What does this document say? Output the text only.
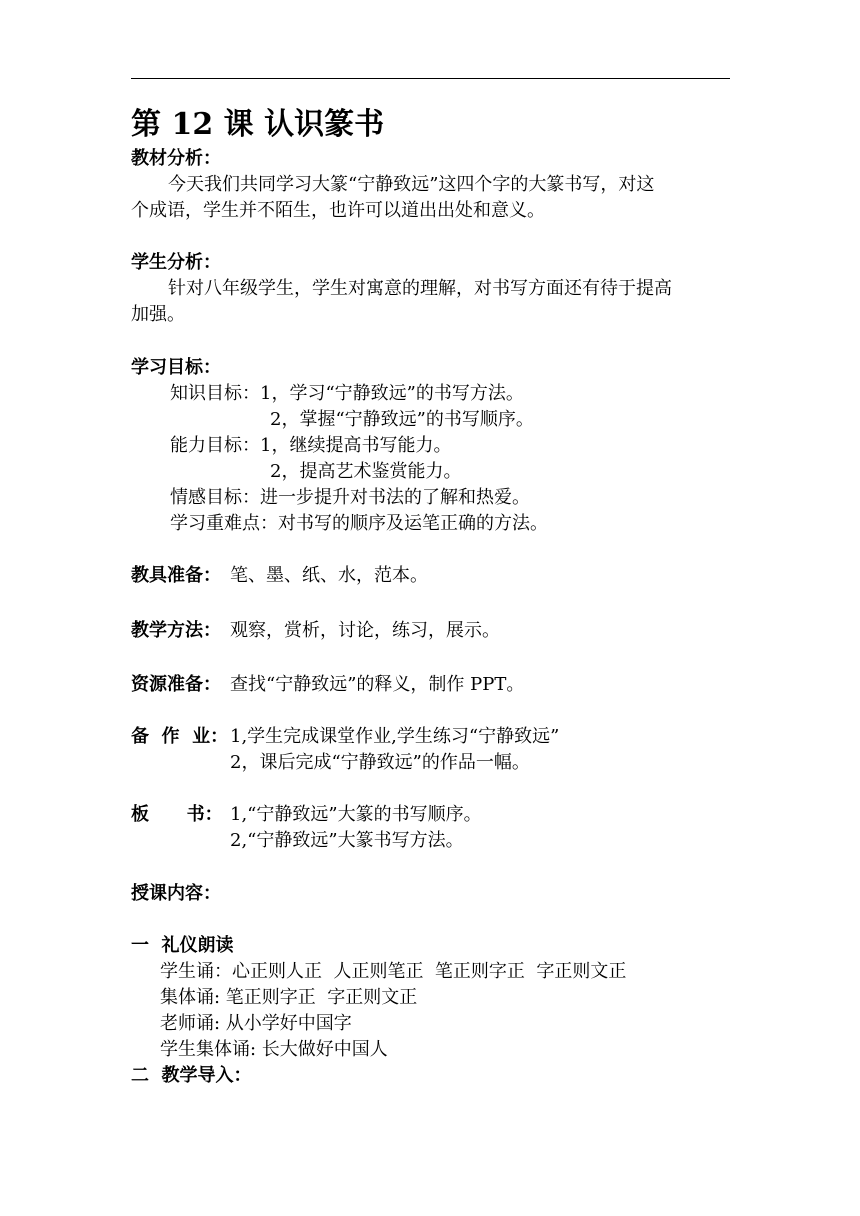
第 12 课 认识篆书
教材分析：
今天我们共同学习大篆“宁静致远”这四个字的大篆书写，对这
个成语，学生并不陌生，也许可以道出出处和意义。
学生分析：
针对八年级学生，学生对寓意的理解，对书写方面还有待于提高
加强。
学习目标：
知识目标： 1，学习“宁静致远”的书写方法。
2，掌握“宁静致远”的书写顺序。
能力目标： 1，继续提高书写能力。
2，提高艺术鉴赏能力。
情感目标： 进一步提升对书法的了解和热爱。
学习重难点： 对书写的顺序及运笔正确的方法。
教具准备： 笔、墨、纸、水，范本。
教学方法： 观察，赏析，讨论，练习，展示。
资源准备： 查找“宁静致远”的释义，制作 PPT。
备  作  业： 1,学生完成课堂作业,学生练习“宁静致远”
2，课后完成“宁静致远”的作品一幅。
板      书： 1,“宁静致远”大篆的书写顺序。
2,“宁静致远”大篆书写方法。
授课内容：
一  礼仪朗读
学生诵：心正则人正  人正则笔正  笔正则字正  字正则文正
集体诵: 笔正则字正  字正则文正
老师诵: 从小学好中国字
学生集体诵: 长大做好中国人
二  教学导入：
